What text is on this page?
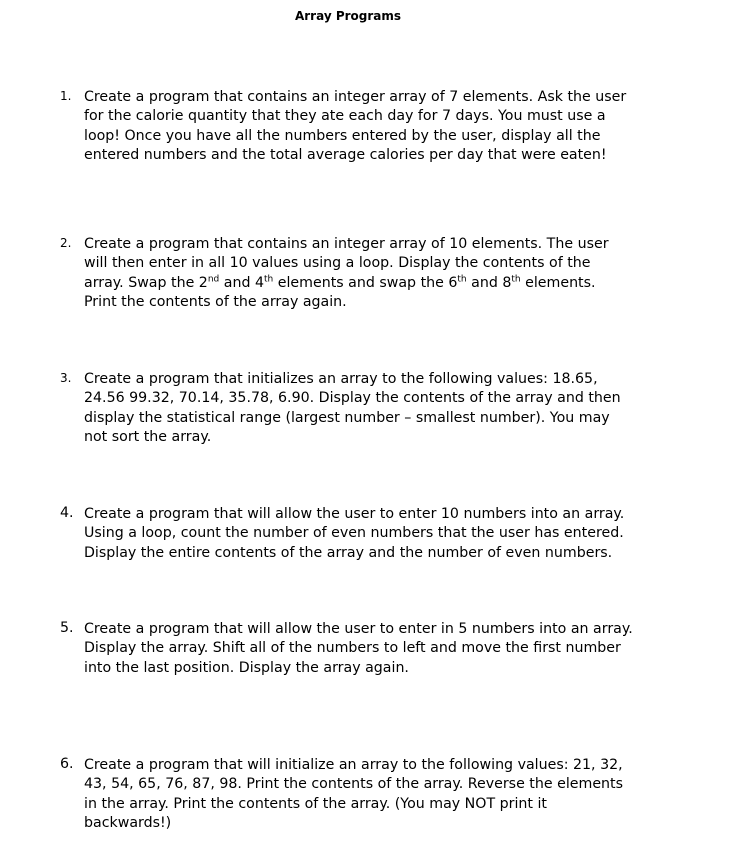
Array Programs
1. Create a program that contains an integer array of 7 elements. Ask the user
for the calorie quantity that they ate each day for 7 days. You must use a
loop! Once you have all the numbers entered by the user, display all the
entered numbers and the total average calories per day that were eaten!
2. Create a program that contains an integer array of 10 elements. The user
will then enter in all 10 values using a loop. Display the contents of the
array. Swap the 2nd and 4th elements and swap the 6th and 8th elements.
Print the contents of the array again.
3. Create a program that initializes an array to the following values: 18.65,
24.56 99.32, 70.14, 35.78, 6.90. Display the contents of the array and then
display the statistical range (largest number – smallest number). You may
not sort the array.
4. Create a program that will allow the user to enter 10 numbers into an array.
Using a loop, count the number of even numbers that the user has entered.
Display the entire contents of the array and the number of even numbers.
5. Create a program that will allow the user to enter in 5 numbers into an array.
Display the array. Shift all of the numbers to left and move the first number
into the last position. Display the array again.
6. Create a program that will initialize an array to the following values: 21, 32,
43, 54, 65, 76, 87, 98. Print the contents of the array. Reverse the elements
in the array. Print the contents of the array. (You may NOT print it
backwards!)
